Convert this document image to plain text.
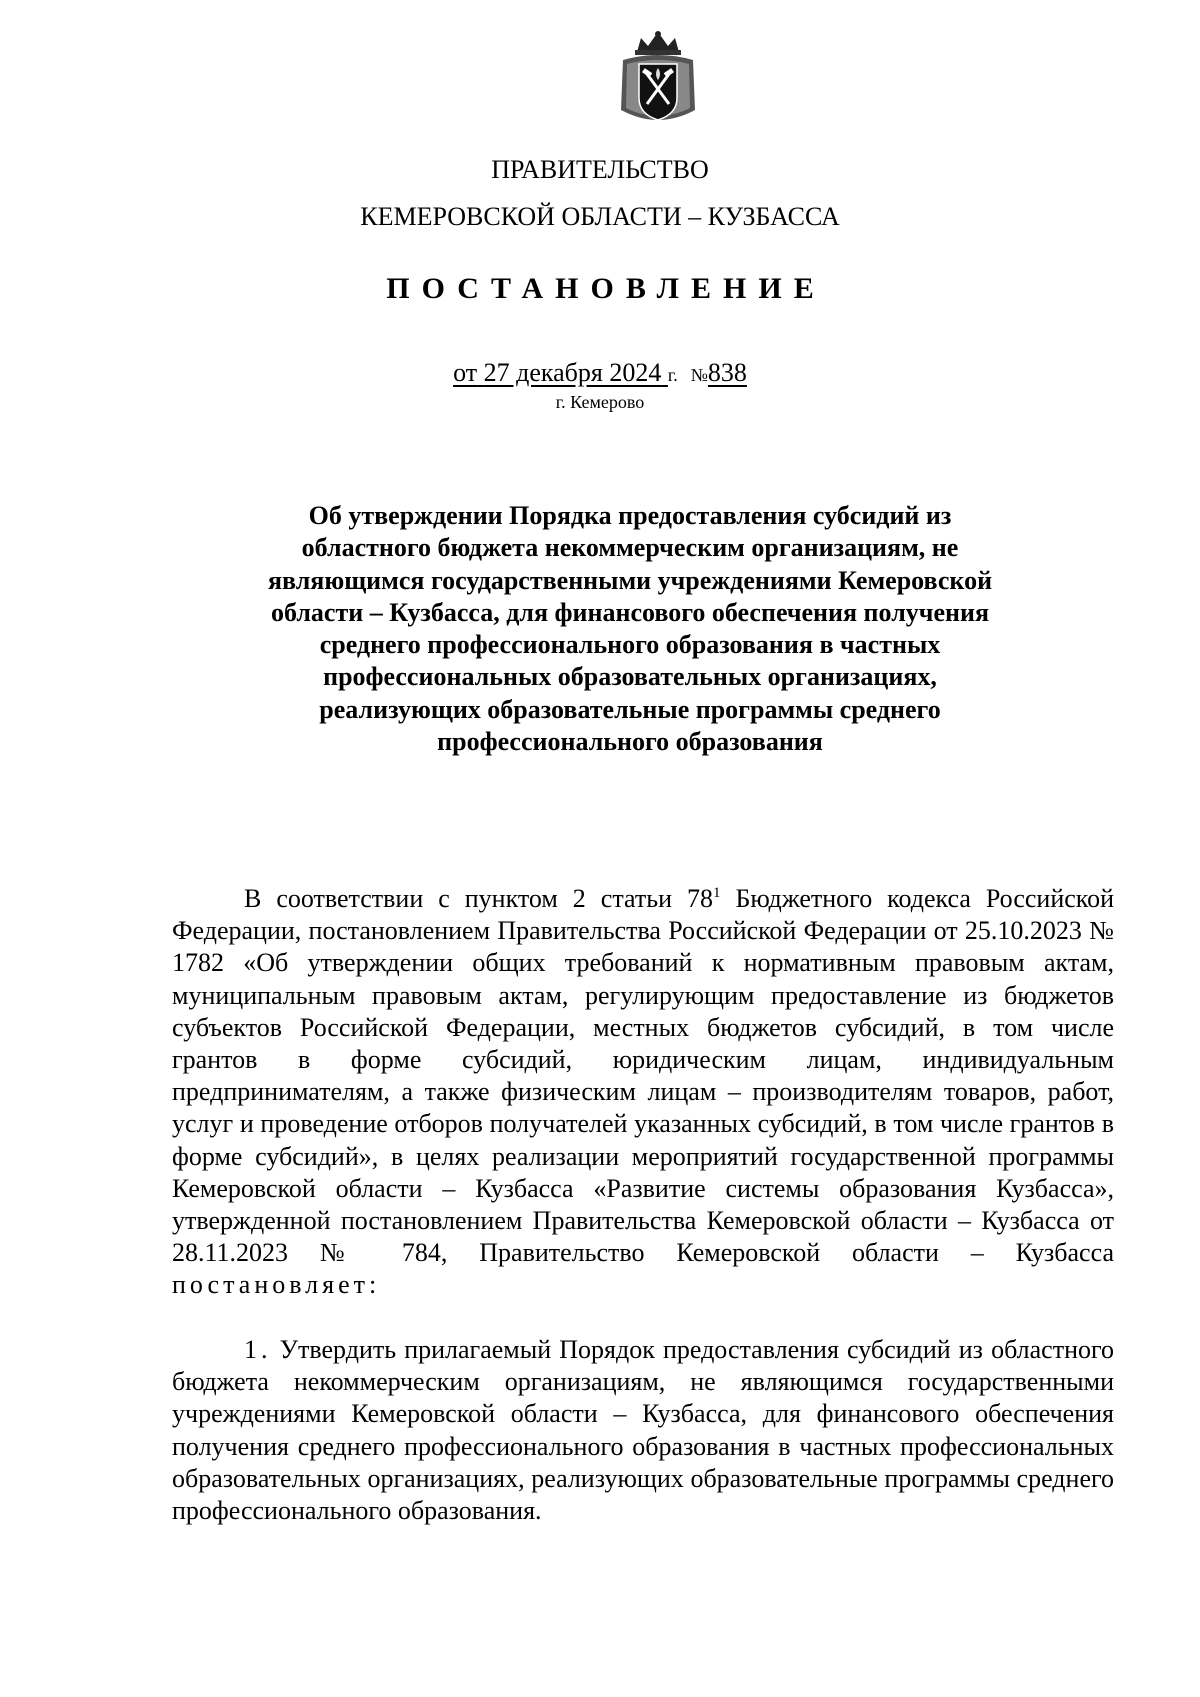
ПРАВИТЕЛЬСТВО
КЕМЕРОВСКОЙ ОБЛАСТИ – КУЗБАССА
ПОСТАНОВЛЕНИЕ
от 27 декабря 2024 г. №838
г. Кемерово
Об утверждении Порядка предоставления субсидий из областного бюджета некоммерческим организациям, не являющимся государственными учреждениями Кемеровской области – Кузбасса, для финансового обеспечения получения среднего профессионального образования в частных профессиональных образовательных организациях, реализующих образовательные программы среднего профессионального образования
В соответствии с пунктом 2 статьи $78^1$ Бюджетного кодекса Российской Федерации, постановлением Правительства Российской Федерации от 25.10.2023 № 1782 «Об утверждении общих требований к нормативным правовым актам, муниципальным правовым актам, регулирующим предоставление из бюджетов субъектов Российской Федерации, местных бюджетов субсидий, в том числе грантов в форме субсидий, юридическим лицам, индивидуальным предпринимателям, а также физическим лицам – производителям товаров, работ, услуг и проведение отборов получателей указанных субсидий, в том числе грантов в форме субсидий», в целях реализации мероприятий государственной программы Кемеровской области – Кузбасса «Развитие системы образования Кузбасса», утвержденной постановлением Правительства Кемеровской области – Кузбасса от 28.11.2023 № 784, Правительство Кемеровской области – Кузбасса постановляет:
1. Утвердить прилагаемый Порядок предоставления субсидий из областного бюджета некоммерческим организациям, не являющимся государственными учреждениями Кемеровской области – Кузбасса, для финансового обеспечения получения среднего профессионального образования в частных профессиональных образовательных организациях, реализующих образовательные программы среднего профессионального образования.
